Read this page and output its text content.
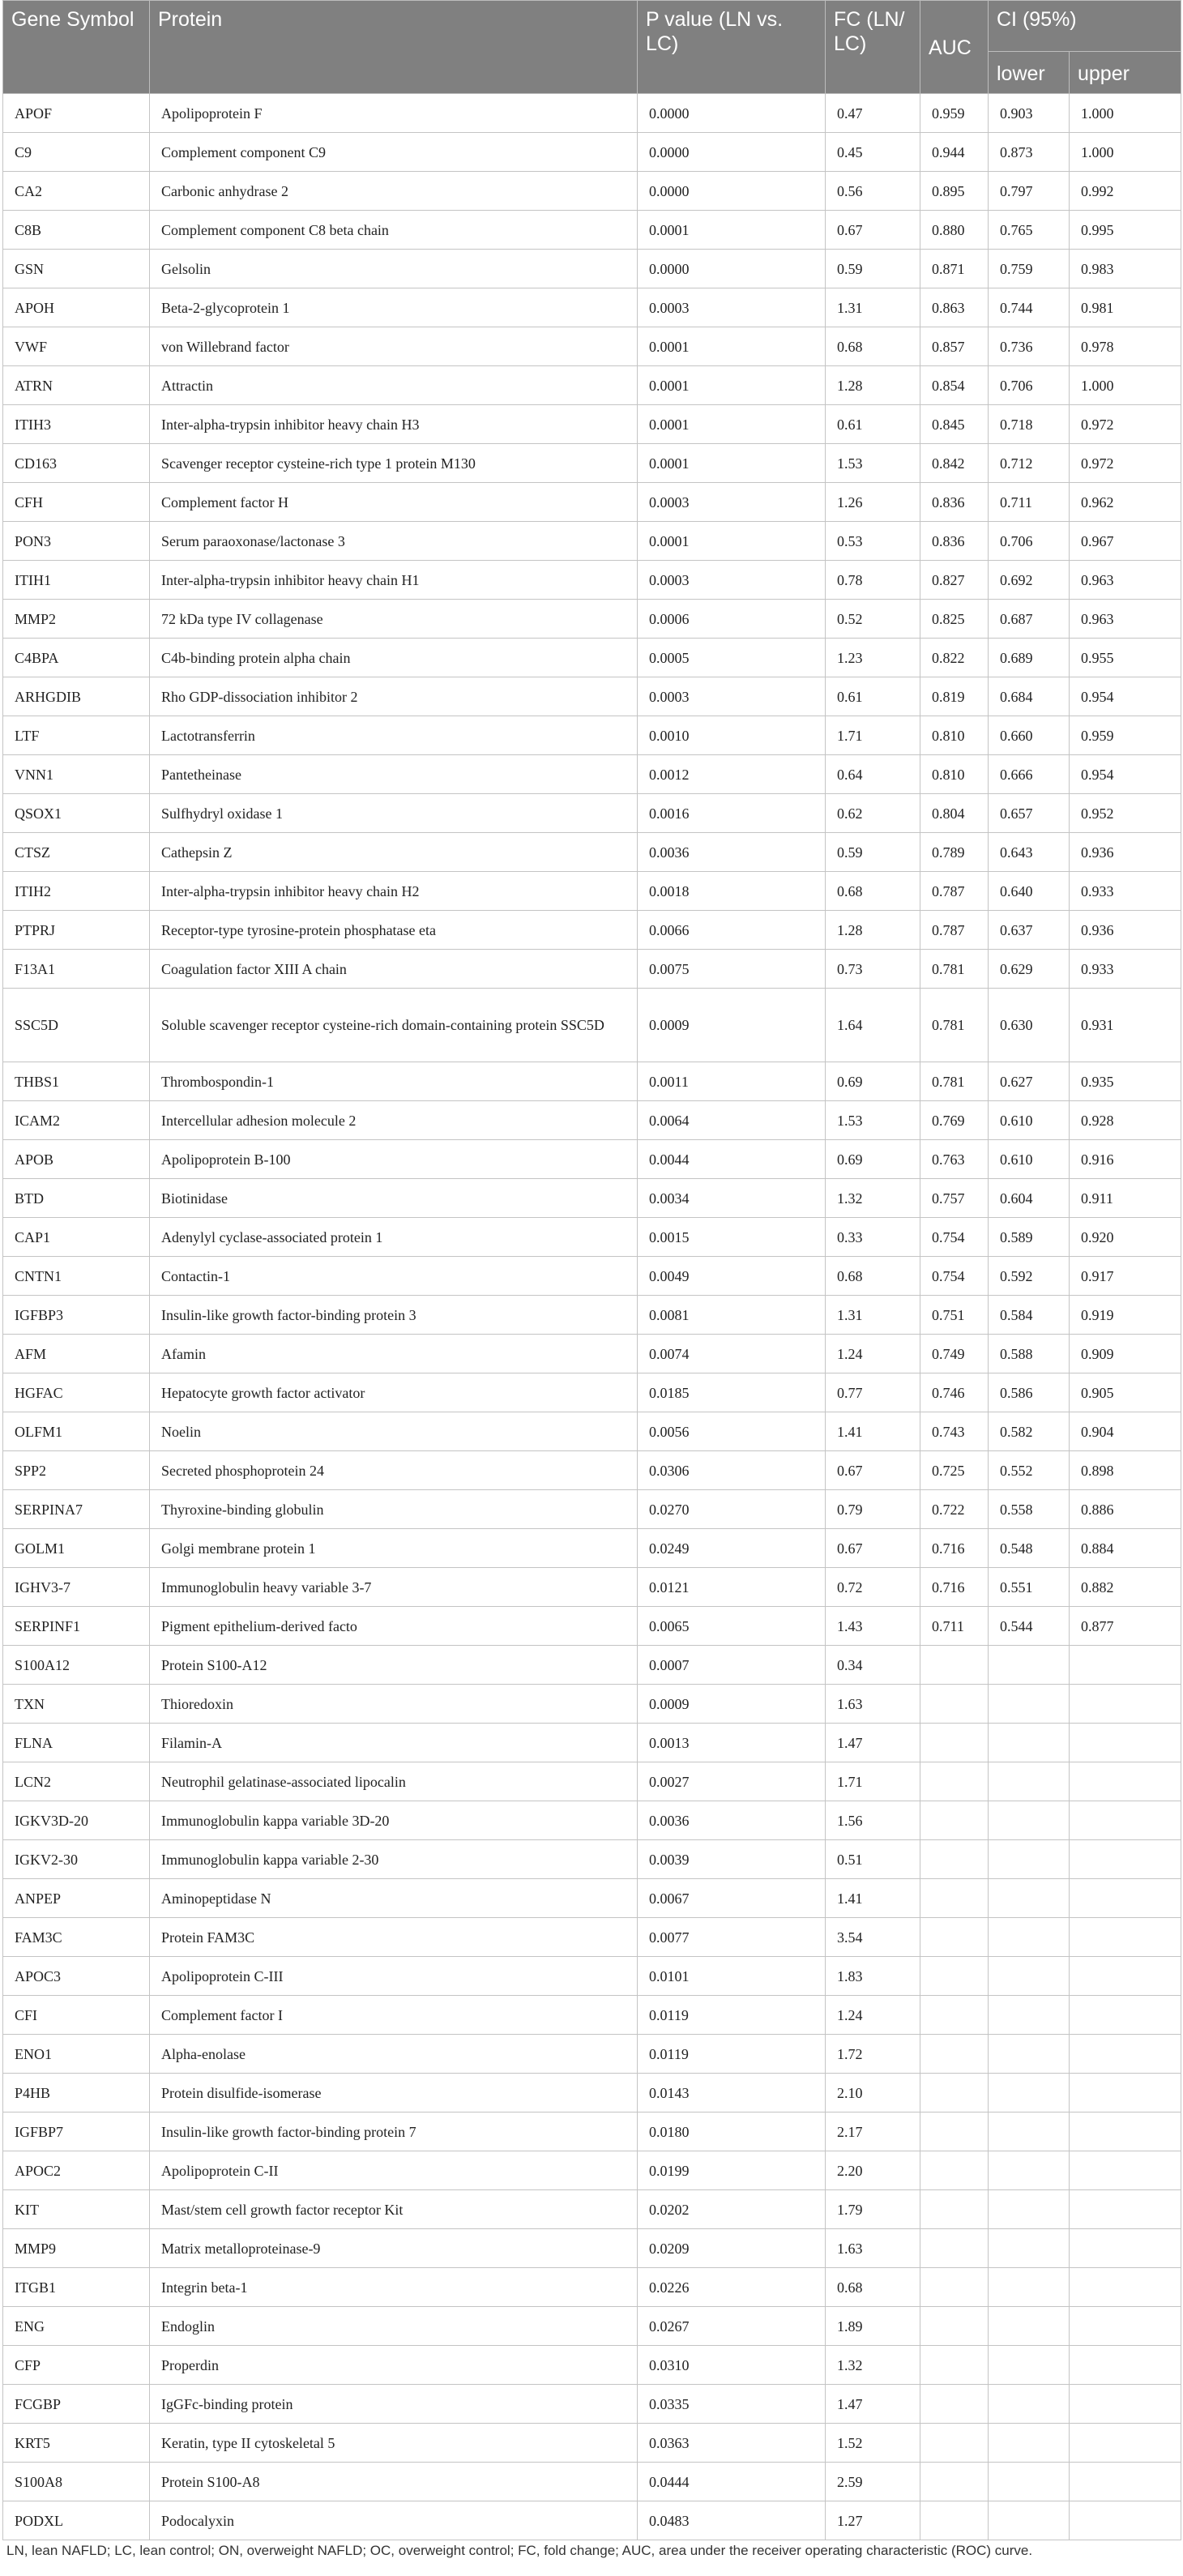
Gene Symbol	Protein	P value (LN vs. LC)	FC (LN/ LC)	AUC	CI (95%)	
					lower	upper
APOF	Apolipoprotein F	0.0000	0.47	0.959	0.903	1.000
C9	Complement component C9	0.0000	0.45	0.944	0.873	1.000
CA2	Carbonic anhydrase 2	0.0000	0.56	0.895	0.797	0.992
C8B	Complement component C8 beta chain	0.0001	0.67	0.880	0.765	0.995
GSN	Gelsolin	0.0000	0.59	0.871	0.759	0.983
APOH	Beta-2-glycoprotein 1	0.0003	1.31	0.863	0.744	0.981
VWF	von Willebrand factor	0.0001	0.68	0.857	0.736	0.978
ATRN	Attractin	0.0001	1.28	0.854	0.706	1.000
ITIH3	Inter-alpha-trypsin inhibitor heavy chain H3	0.0001	0.61	0.845	0.718	0.972
CD163	Scavenger receptor cysteine-rich type 1 protein M130	0.0001	1.53	0.842	0.712	0.972
CFH	Complement factor H	0.0003	1.26	0.836	0.711	0.962
PON3	Serum paraoxonase/lactonase 3	0.0001	0.53	0.836	0.706	0.967
ITIH1	Inter-alpha-trypsin inhibitor heavy chain H1	0.0003	0.78	0.827	0.692	0.963
MMP2	72 kDa type IV collagenase	0.0006	0.52	0.825	0.687	0.963
C4BPA	C4b-binding protein alpha chain	0.0005	1.23	0.822	0.689	0.955
ARHGDIB	Rho GDP-dissociation inhibitor 2	0.0003	0.61	0.819	0.684	0.954
LTF	Lactotransferrin	0.0010	1.71	0.810	0.660	0.959
VNN1	Pantetheinase	0.0012	0.64	0.810	0.666	0.954
QSOX1	Sulfhydryl oxidase 1	0.0016	0.62	0.804	0.657	0.952
CTSZ	Cathepsin Z	0.0036	0.59	0.789	0.643	0.936
ITIH2	Inter-alpha-trypsin inhibitor heavy chain H2	0.0018	0.68	0.787	0.640	0.933
PTPRJ	Receptor-type tyrosine-protein phosphatase eta	0.0066	1.28	0.787	0.637	0.936
F13A1	Coagulation factor XIII A chain	0.0075	0.73	0.781	0.629	0.933
SSC5D	Soluble scavenger receptor cysteine-rich domain-containing protein SSC5D	0.0009	1.64	0.781	0.630	0.931
THBS1	Thrombospondin-1	0.0011	0.69	0.781	0.627	0.935
ICAM2	Intercellular adhesion molecule 2	0.0064	1.53	0.769	0.610	0.928
APOB	Apolipoprotein B-100	0.0044	0.69	0.763	0.610	0.916
BTD	Biotinidase	0.0034	1.32	0.757	0.604	0.911
CAP1	Adenylyl cyclase-associated protein 1	0.0015	0.33	0.754	0.589	0.920
CNTN1	Contactin-1	0.0049	0.68	0.754	0.592	0.917
IGFBP3	Insulin-like growth factor-binding protein 3	0.0081	1.31	0.751	0.584	0.919
AFM	Afamin	0.0074	1.24	0.749	0.588	0.909
HGFAC	Hepatocyte growth factor activator	0.0185	0.77	0.746	0.586	0.905
OLFM1	Noelin	0.0056	1.41	0.743	0.582	0.904
SPP2	Secreted phosphoprotein 24	0.0306	0.67	0.725	0.552	0.898
SERPINA7	Thyroxine-binding globulin	0.0270	0.79	0.722	0.558	0.886
GOLM1	Golgi membrane protein 1	0.0249	0.67	0.716	0.548	0.884
IGHV3-7	Immunoglobulin heavy variable 3-7	0.0121	0.72	0.716	0.551	0.882
SERPINF1	Pigment epithelium-derived facto	0.0065	1.43	0.711	0.544	0.877
S100A12	Protein S100-A12	0.0007	0.34			
TXN	Thioredoxin	0.0009	1.63			
FLNA	Filamin-A	0.0013	1.47			
LCN2	Neutrophil gelatinase-associated lipocalin	0.0027	1.71			
IGKV3D-20	Immunoglobulin kappa variable 3D-20	0.0036	1.56			
IGKV2-30	Immunoglobulin kappa variable 2-30	0.0039	0.51			
ANPEP	Aminopeptidase N	0.0067	1.41			
FAM3C	Protein FAM3C	0.0077	3.54			
APOC3	Apolipoprotein C-III	0.0101	1.83			
CFI	Complement factor I	0.0119	1.24			
ENO1	Alpha-enolase	0.0119	1.72			
P4HB	Protein disulfide-isomerase	0.0143	2.10			
IGFBP7	Insulin-like growth factor-binding protein 7	0.0180	2.17			
APOC2	Apolipoprotein C-II	0.0199	2.20			
KIT	Mast/stem cell growth factor receptor Kit	0.0202	1.79			
MMP9	Matrix metalloproteinase-9	0.0209	1.63			
ITGB1	Integrin beta-1	0.0226	0.68			
ENG	Endoglin	0.0267	1.89			
CFP	Properdin	0.0310	1.32			
FCGBP	IgGFc-binding protein	0.0335	1.47			
KRT5	Keratin, type II cytoskeletal 5	0.0363	1.52			
S100A8	Protein S100-A8	0.0444	2.59			
PODXL	Podocalyxin	0.0483	1.27			
LN, lean NAFLD; LC, lean control; ON, overweight NAFLD; OC, overweight control; FC, fold change; AUC, area under the receiver operating characteristic (ROC) curve.
